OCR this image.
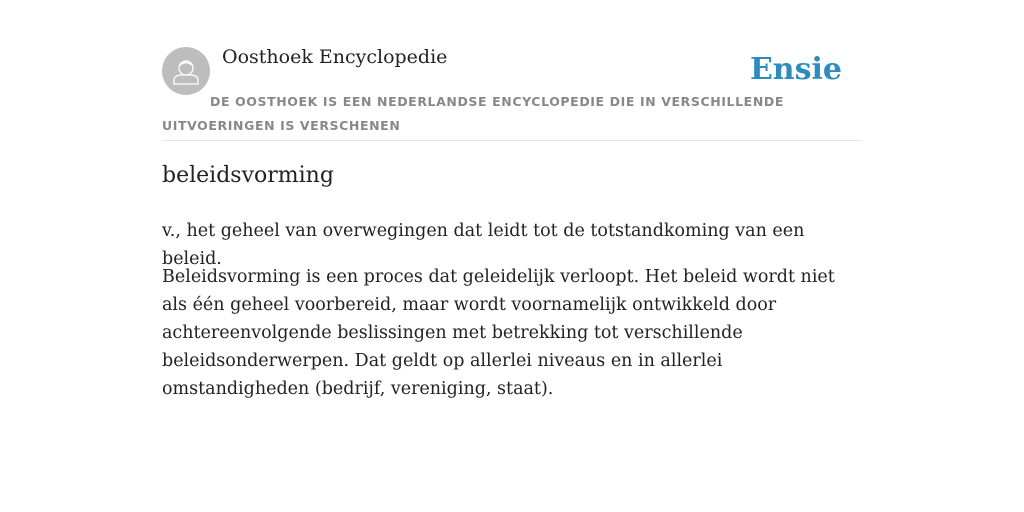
Oosthoek Encyclopedie	Ensie
DE OOSTHOEK IS EEN NEDERLANDSE ENCYCLOPEDIE DIE IN VERSCHILLENDE UITVOERINGEN IS VERSCHENEN
beleidsvorming

v., het geheel van overwegingen dat leidt tot de totstandkoming van een beleid.

Beleidsvorming is een proces dat geleidelijk verloopt. Het beleid wordt niet als één geheel voorbereid, maar wordt voornamelijk ontwikkeld door achtereenvolgende beslissingen met betrekking tot verschillende beleidsonderwerpen. Dat geldt op allerlei niveaus en in allerlei omstandigheden (bedrijf, vereniging, staat).
